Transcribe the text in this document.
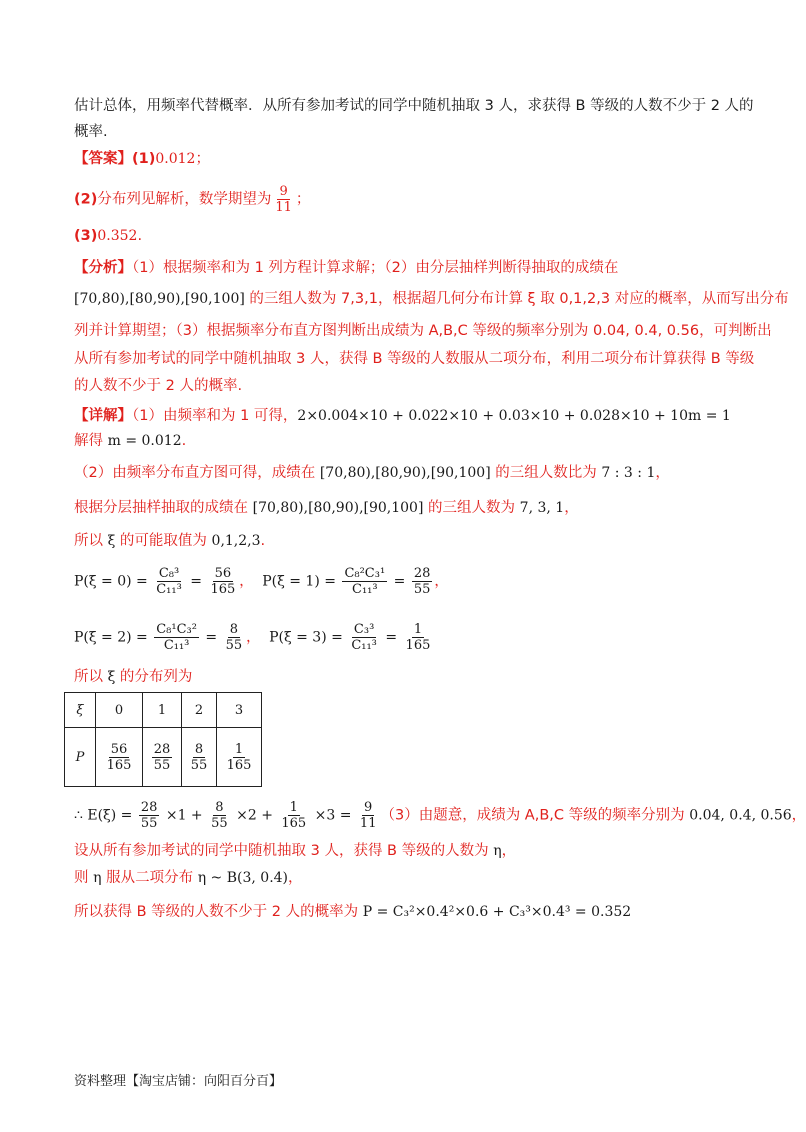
估计总体，用频率代替概率．从所有参加考试的同学中随机抽取 3 人，求获得 B 等级的人数不少于 2 人的
概率.
【答案】(1)0.012；
(2)分布列见解析，数学期望为 $\frac{9}{11}$ ；
(3)0.352.
【分析】（1）根据频率和为 1 列方程计算求解；（2）由分层抽样判断得抽取的成绩在
[70,80),[80,90),[90,100] 的三组人数为 7,3,1，根据超几何分布计算 ξ 取 0,1,2,3 对应的概率，从而写出分布
列并计算期望；（3）根据频率分布直方图判断出成绩为 A,B,C 等级的频率分别为 0.04, 0.4, 0.56，可判断出
从所有参加考试的同学中随机抽取 3 人，获得 B 等级的人数服从二项分布，利用二项分布计算获得 B 等级
的人数不少于 2 人的概率.
【详解】（1）由频率和为 1 可得，2×0.004×10 + 0.022×10 + 0.03×10 + 0.028×10 + 10m = 1
解得 m = 0.012.
（2）由频率分布直方图可得，成绩在 [70,80),[80,90),[90,100] 的三组人数比为 7 : 3 : 1，
根据分层抽样抽取的成绩在 [70,80),[80,90),[90,100] 的三组人数为 7, 3, 1，
所以 ξ 的可能取值为 0,1,2,3.
$P(\xi = 0) = \frac{\text{C₈³}}{\text{C₁₁³}} = \frac{56}{165}$ ， $P(\xi = 1) = \frac{\text{C₈²C₃¹}}{\text{C₁₁³}} = \frac{28}{55}$ ，
$P(\xi = 2) = \frac{\text{C₈¹C₃²}}{\text{C₁₁³}} = \frac{8}{55}$ ， $P(\xi = 3) = \frac{\text{C₃³}}{\text{C₁₁³}} = \frac{1}{165}$
所以 ξ 的分布列为
ξ	0	1	2	3
P	$\frac{56}{165}$	$\frac{28}{55}$	$\frac{8}{55}$	$\frac{1}{165}$
∴ $E(\xi) = \frac{28}{55} \times 1 + \frac{8}{55} \times 2 + \frac{1}{165} \times 3 = \frac{9}{11} (3)$由题意，成绩为 A,B,C 等级的频率分别为 0.04, 0.4, 0.56，
设从所有参加考试的同学中随机抽取 3 人，获得 B 等级的人数为 η，
则 η 服从二项分布 η ~ B(3, 0.4)，
所以获得 B 等级的人数不少于 2 人的概率为 P = C₃²×0.4²×0.6 + C₃³×0.4³ = 0.352
资料整理【淘宝店铺：向阳百分百】
